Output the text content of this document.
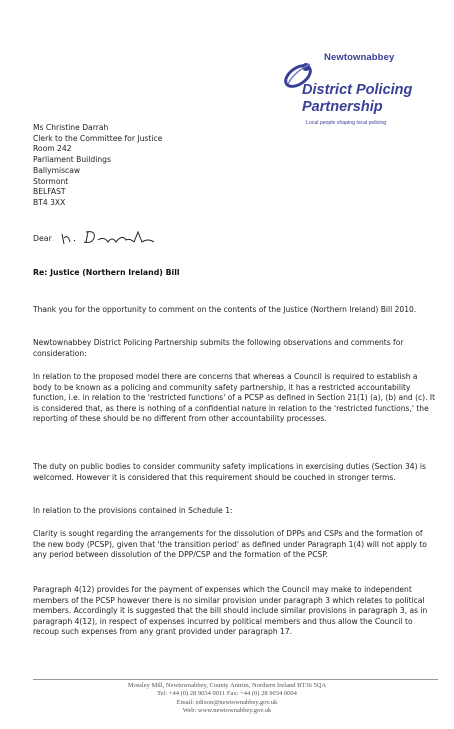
Newtownabbey
District Policing
Partnership
Local people shaping local policing
Ms Christine Darrah
Clerk to the Committee for Justice
Room 242
Parliament Buildings
Ballymiscaw
Stormont
BELFAST
BT4 3XX
Dear
Re: Justice (Northern Ireland) Bill

Thank you for the opportunity to comment on the contents of the Justice (Northern Ireland) Bill 2010.

Newtownabbey District Policing Partnership submits the following observations and comments for consideration:

In relation to the proposed model there are concerns that whereas a Council is required to establish a body to be known as a policing and community safety partnership, it has a restricted accountability function, i.e. in relation to the 'restricted functions' of a PCSP as defined in Section 21(1) (a), (b) and (c). It is considered that, as there is nothing of a confidential nature in relation to the 'restricted functions,' the reporting of these should be no different from other accountability processes.

The duty on public bodies to consider community safety implications in exercising duties (Section 34) is welcomed. However it is considered that this requirement should be couched in stronger terms.

In relation to the provisions contained in Schedule 1:

Clarity is sought regarding the arrangements for the dissolution of DPPs and CSPs and the formation of the new body (PCSP), given that 'the transition period' as defined under Paragraph 1(4) will not apply to any period between dissolution of the DPP/CSP and the formation of the PCSP.

Paragraph 4(12) provides for the payment of expenses which the Council may make to independent members of the PCSP however there is no similar provision under paragraph 3 which relates to political members. Accordingly it is suggested that the bill should include similar provisions in paragraph 3, as in paragraph 4(12), in respect of expenses incurred by political members and thus allow the Council to recoup such expenses from any grant provided under paragraph 17.

Mossley Mill, Newtownabbey, County Antrim, Northern Ireland BT36 5QA
Tel: +44 (0) 28 9034 0011 Fax: +44 (0) 28 9034 0004
Email: edixon@newtownabbey.gov.uk
Web: www.newtownabbey.gov.uk
